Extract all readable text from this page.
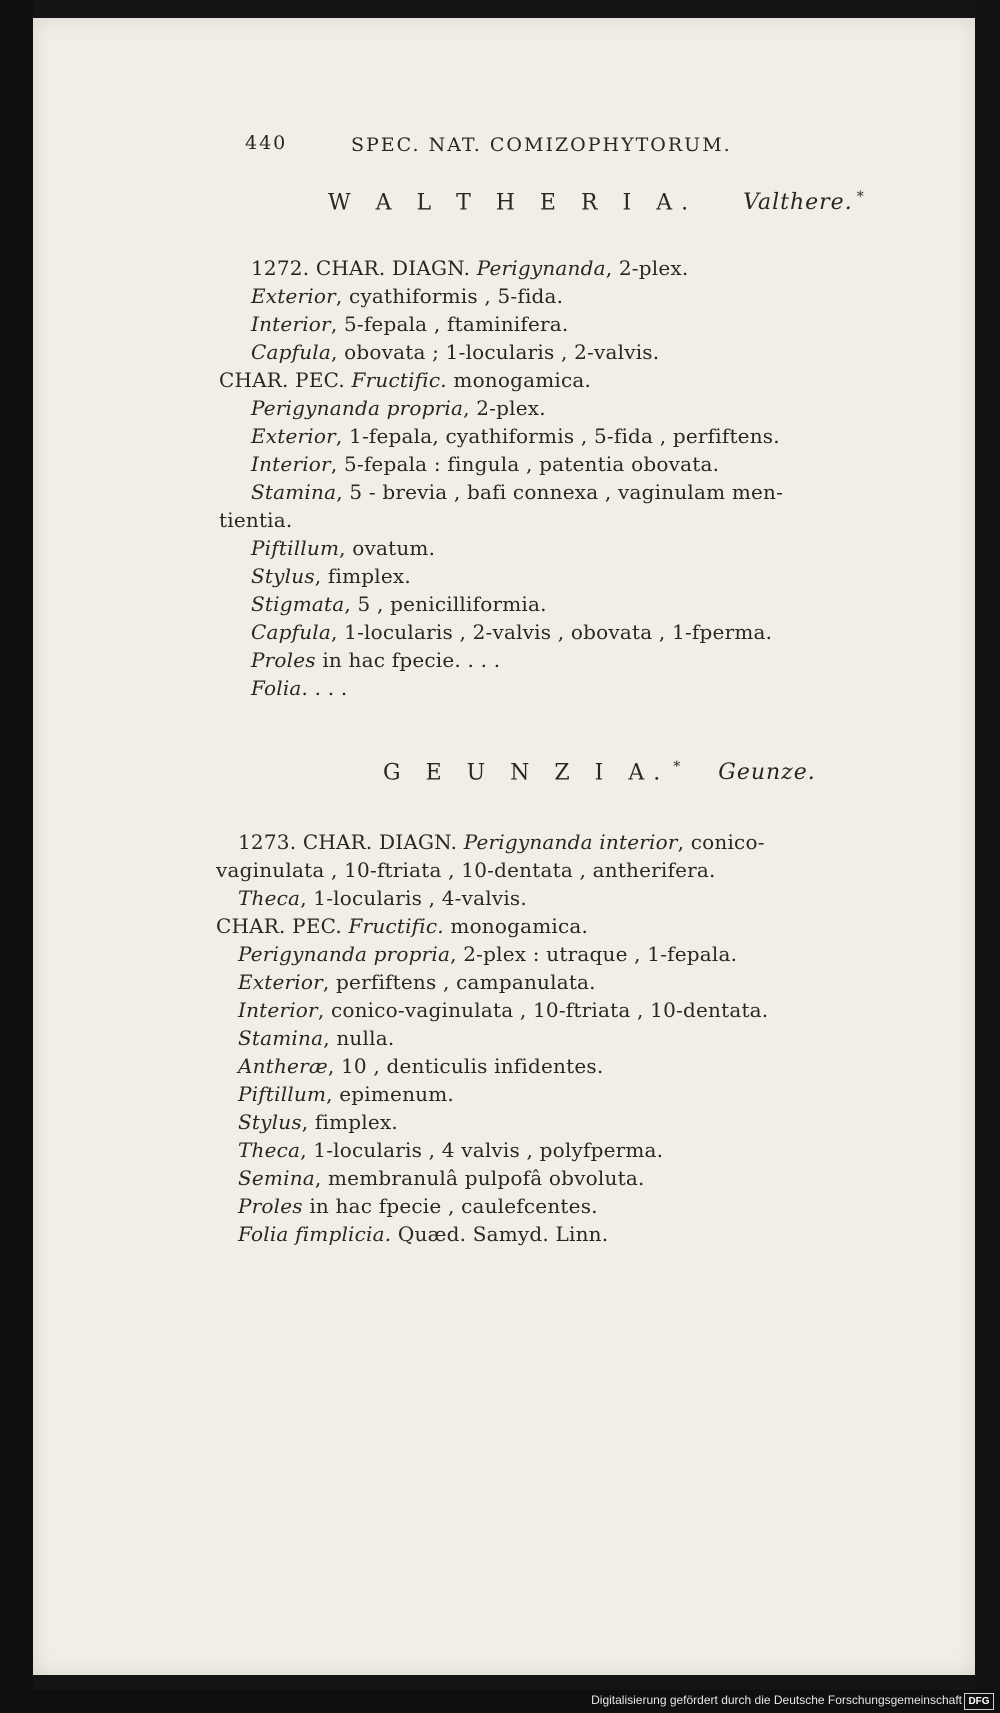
440	SPEC. NAT. COMIZOPHYTORUM.
W A L T H E R I A. Valthere. *
1272. CHAR. DIAGN. Perigynanda, 2-plex.
Exterior, cyathiformis , 5-fida.
Interior, 5-fepala , ftaminifera.
Capfula, obovata ; 1-locularis , 2-valvis.
CHAR. PEC. Fructific. monogamica.
Perigynanda propria, 2-plex.
Exterior, 1-fepala, cyathiformis , 5-fida , perfiftens.
Interior, 5-fepala : fingula , patentia obovata.
Stamina, 5 - brevia , bafi connexa , vaginulam men-
tientia.
Piftillum, ovatum.
Stylus, fimplex.
Stigmata, 5 , penicilliformia.
Capfula, 1-locularis , 2-valvis , obovata , 1-fperma.
Proles in hac fpecie. . . .
Folia. . . .
G E U N Z I A. * Geunze.
1273. CHAR. DIAGN. Perigynanda interior, conico-
vaginulata , 10-ftriata , 10-dentata , antherifera.
Theca, 1-locularis , 4-valvis.
CHAR. PEC. Fructific. monogamica.
Perigynanda propria, 2-plex : utraque , 1-fepala.
Exterior, perfiftens , campanulata.
Interior, conico-vaginulata , 10-ftriata , 10-dentata.
Stamina, nulla.
Antheræ, 10 , denticulis infidentes.
Piftillum, epimenum.
Stylus, fimplex.
Theca, 1-locularis , 4 valvis , polyfperma.
Semina, membranulâ pulpofâ obvoluta.
Proles in hac fpecie , caulefcentes.
Folia fimplicia. Quæd. Samyd. Linn.
Digitalisierung gefördert durch die Deutsche Forschungsgemeinschaft DFG
